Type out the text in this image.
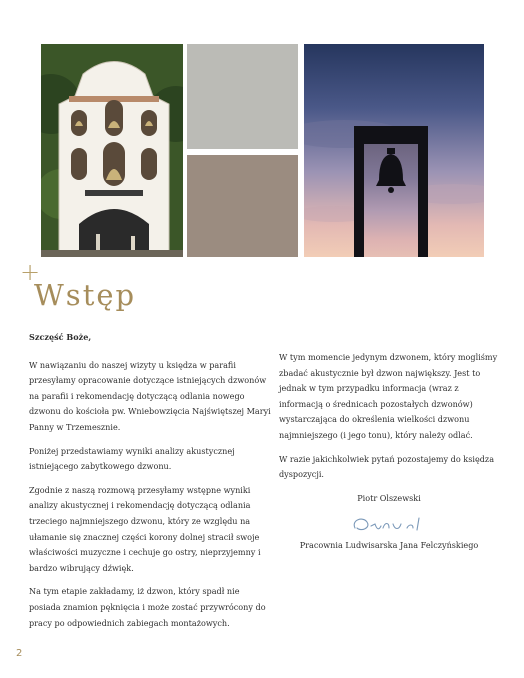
+
Wstęp

Szczęść Boże,

W nawiązaniu do naszej wizyty u księdza w parafii przesyłamy opracowanie dotyczące istniejących dzwonów na parafii i rekomendację dotyczącą odlania nowego dzwonu do kościoła pw. Wniebowzięcia Najświętszej Maryi Panny w Trzemesznie.

Poniżej przedstawiamy wyniki analizy akustycznej istniejącego zabytkowego dzwonu.

Zgodnie z naszą rozmową przesyłamy wstępne wyniki analizy akustycznej i rekomendację dotyczącą odlania trzeciego najmniejszego dzwonu, który ze względu na ułamanie się znacznej części korony dolnej stracił swoje właściwości muzyczne i cechuje go ostry, nieprzyjemny i bardzo wibrujący dźwięk.

Na tym etapie zakładamy, iż dzwon, który spadł nie posiada znamion pęknięcia i może zostać przywrócony do pracy po odpowiednich zabiegach montażowych.

W tym momencie jedynym dzwonem, który mogliśmy zbadać akustycznie był dzwon największy. Jest to jednak w tym przypadku informacja (wraz z informacją o średnicach pozostałych dzwonów) wystarczająca do określenia wielkości dzwonu najmniejszego (i jego tonu), który należy odlać.

W razie jakichkolwiek pytań pozostajemy do księdza dyspozycji.

Piotr Olszewski

Pracownia Ludwisarska Jana Felczyńskiego

2
